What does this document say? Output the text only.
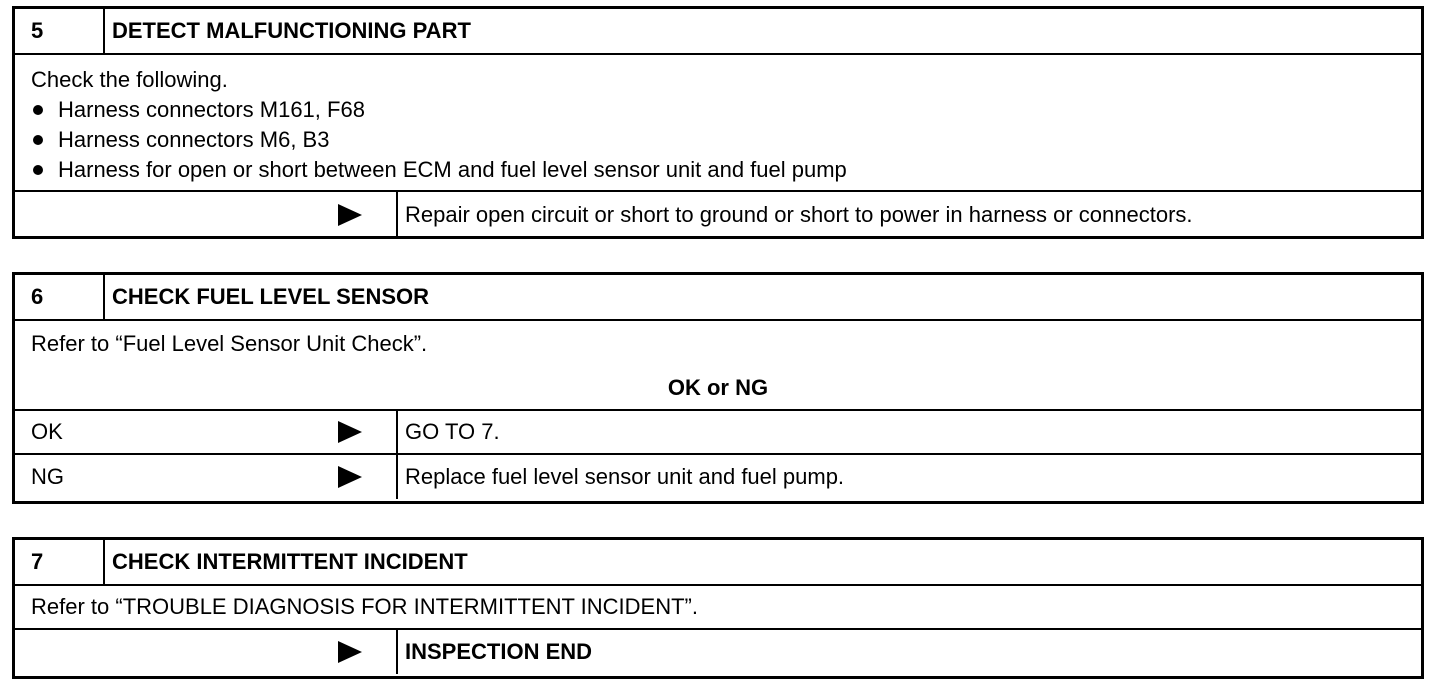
5	DETECT MALFUNCTIONING PART
Check the following.
Harness connectors M161, F68
Harness connectors M6, B3
Harness for open or short between ECM and fuel level sensor unit and fuel pump
Repair open circuit or short to ground or short to power in harness or connectors.
6	CHECK FUEL LEVEL SENSOR
Refer to “Fuel Level Sensor Unit Check”.
OK or NG
OK	GO TO 7.
NG	Replace fuel level sensor unit and fuel pump.
7	CHECK INTERMITTENT INCIDENT
Refer to “TROUBLE DIAGNOSIS FOR INTERMITTENT INCIDENT”.
INSPECTION END
